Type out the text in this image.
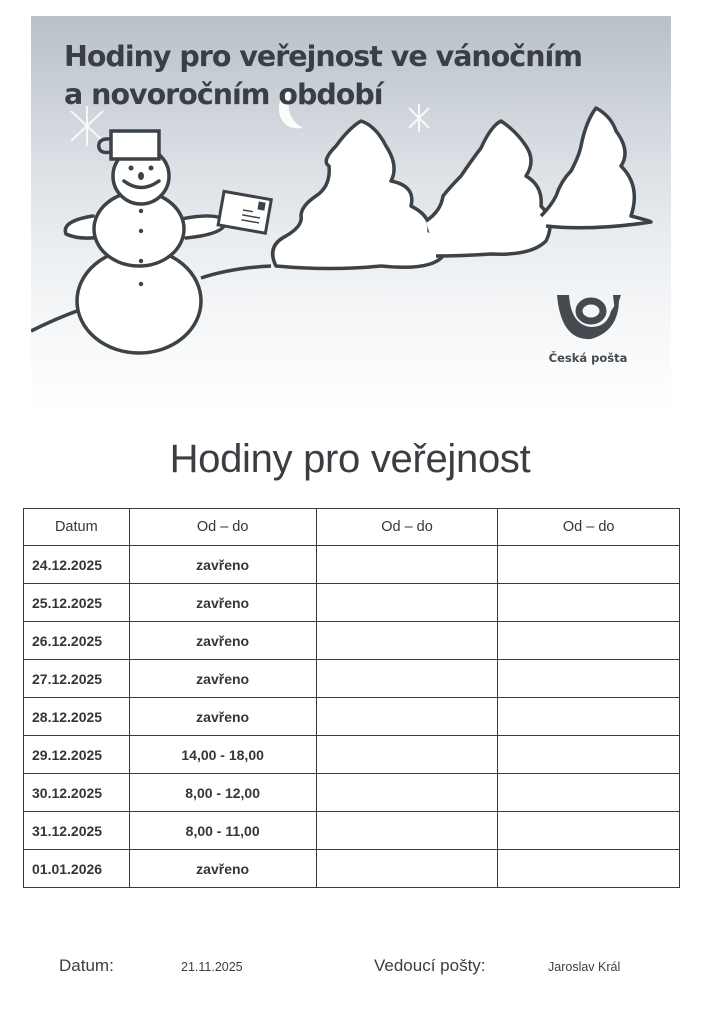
Hodiny pro veřejnost ve vánočním
a novoročním období
Česká pošta
Hodiny pro veřejnost
Datum	Od – do	Od – do	Od – do
24.12.2025	zavřeno		
25.12.2025	zavřeno		
26.12.2025	zavřeno		
27.12.2025	zavřeno		
28.12.2025	zavřeno		
29.12.2025	14,00 - 18,00		
30.12.2025	8,00 - 12,00		
31.12.2025	8,00 - 11,00		
01.01.2026	zavřeno		
Datum:	21.11.2025	Vedoucí pošty:	Jaroslav Král
